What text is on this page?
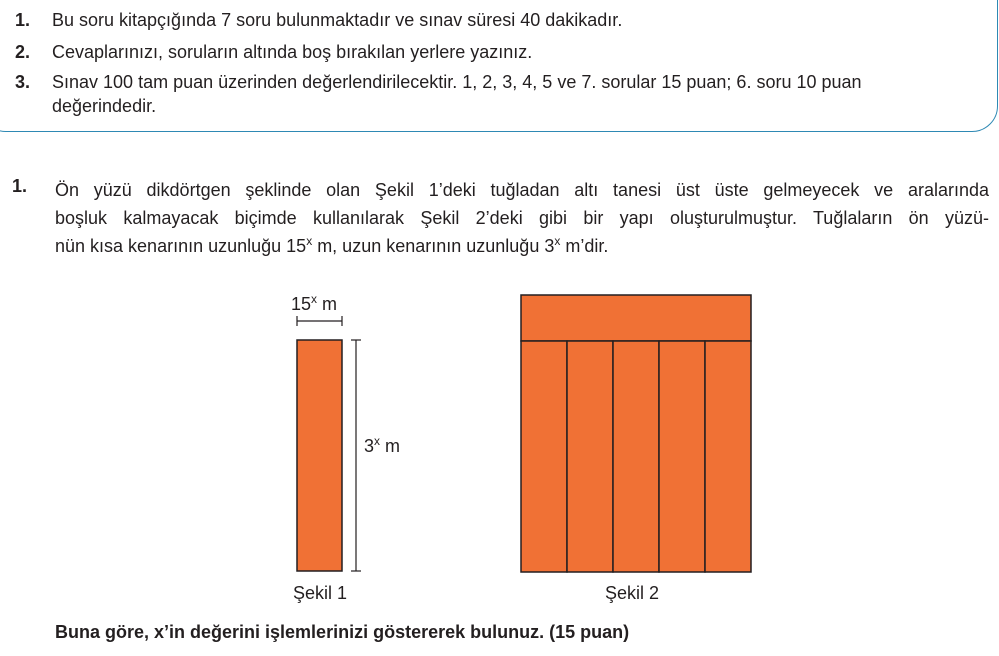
1. Bu soru kitapçığında 7 soru bulunmaktadır ve sınav süresi 40 dakikadır.
2. Cevaplarınızı, soruların altında boş bırakılan yerlere yazınız.
3. Sınav 100 tam puan üzerinden değerlendirilecektir. 1, 2, 3, 4, 5 ve 7. sorular 15 puan; 6. soru 10 puan
değerindedir.
1. Ön yüzü dikdörtgen şeklinde olan Şekil 1’deki tuğladan altı tanesi üst üste gelmeyecek ve aralarında
boşluk kalmayacak biçimde kullanılarak Şekil 2’deki gibi bir yapı oluşturulmuştur. Tuğlaların ön yüzü-
nün kısa kenarının uzunluğu 15$^x$ m, uzun kenarının uzunluğu 3$^x$ m’dir.
15$^x$ m
3$^x$ m
Şekil 1	Şekil 2
Buna göre, x’in değerini işlemlerinizi göstererek bulunuz. (15 puan)
